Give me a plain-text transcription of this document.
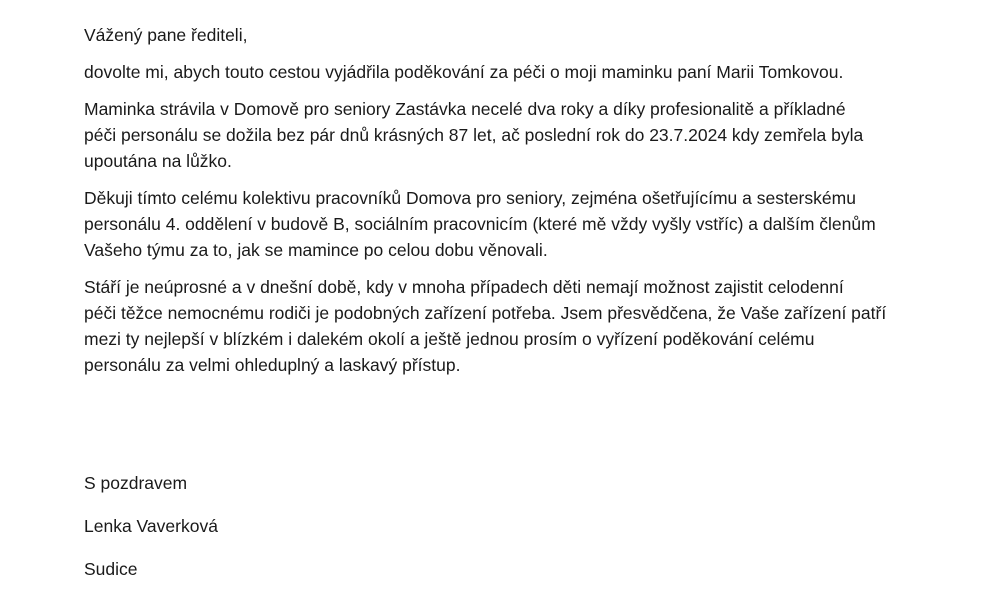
Vážený pane řediteli,
dovolte mi, abych touto cestou vyjádřila poděkování za péči o moji maminku paní Marii Tomkovou.
Maminka strávila v Domově pro seniory Zastávka necelé dva roky a díky profesionalitě a příkladné
péči personálu se dožila bez pár dnů krásných 87 let, ač poslední rok do 23.7.2024 kdy zemřela byla
upoutána na lůžko.
Děkuji tímto celému kolektivu pracovníků Domova pro seniory, zejména ošetřujícímu a sesterskému
personálu 4. oddělení v budově B, sociálním pracovnicím (které mě vždy vyšly vstříc) a dalším členům
Vašeho týmu za to, jak se mamince po celou dobu věnovali.
Stáří je neúprosné a v dnešní době, kdy v mnoha případech děti nemají možnost zajistit celodenní
péči těžce nemocnému rodiči je podobných zařízení potřeba. Jsem přesvědčena, že Vaše zařízení patří
mezi ty nejlepší v blízkém i dalekém okolí a ještě jednou prosím o vyřízení poděkování celému
personálu za velmi ohleduplný a laskavý přístup.
S pozdravem
Lenka Vaverková
Sudice
